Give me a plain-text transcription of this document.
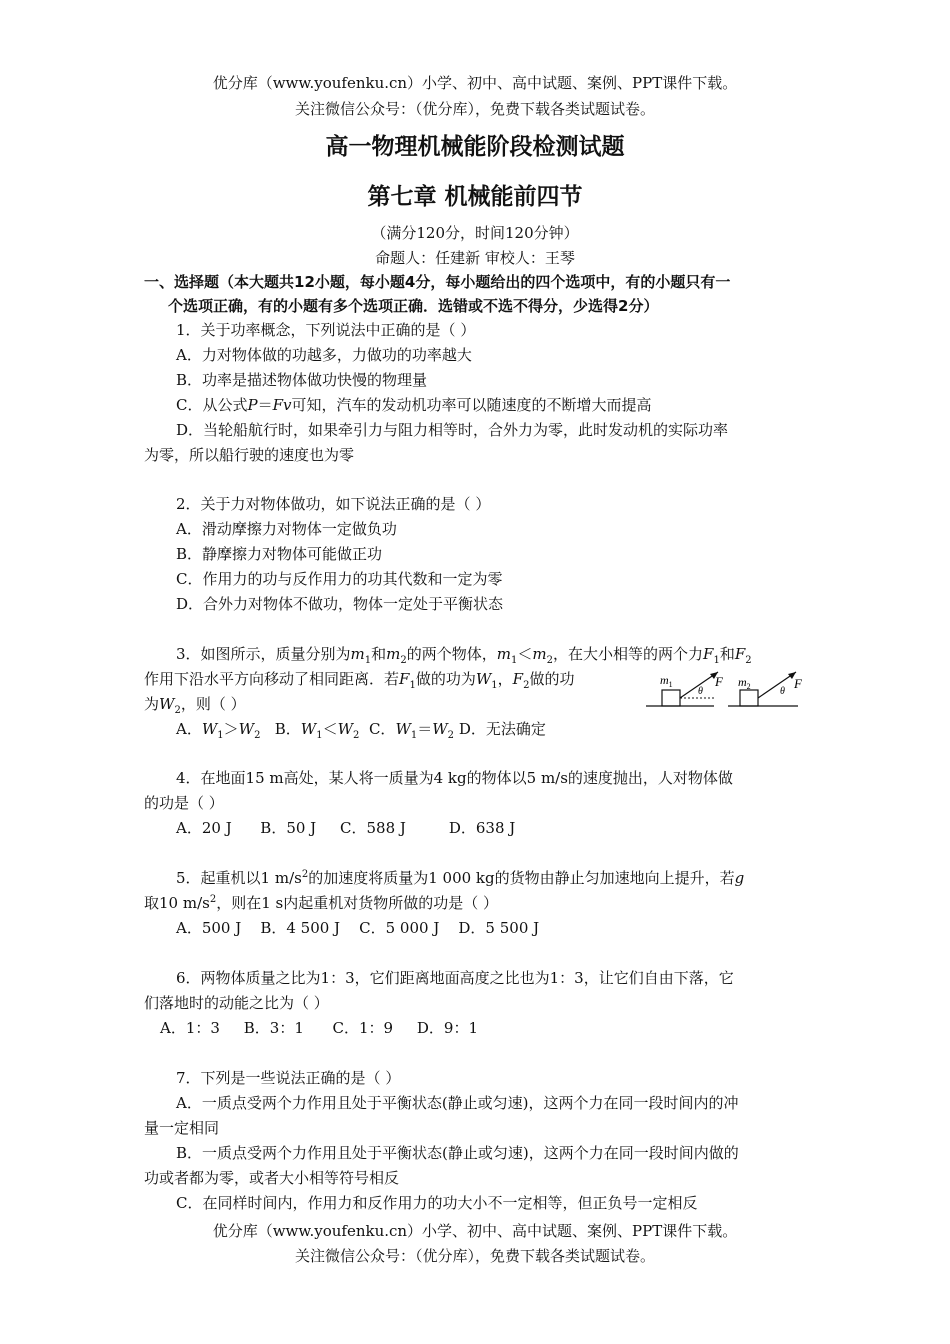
优分库（www.youfenku.cn）小学、初中、高中试题、案例、PPT课件下载。
关注微信公众号：（优分库），免费下载各类试题试卷。
高一物理机械能阶段检测试题
第七章 机械能前四节
（满分120分，时间120分钟）
命题人：任建新 审校人：王琴
一、选择题（本大题共12小题，每小题4分，每小题给出的四个选项中，有的小题只有一
个选项正确，有的小题有多个选项正确．选错或不选不得分，少选得2分）
1．关于功率概念，下列说法中正确的是（ ）
A．力对物体做的功越多，力做功的功率越大
B．功率是描述物体做功快慢的物理量
C．从公式P＝Fv可知，汽车的发动机功率可以随速度的不断增大而提高
D．当轮船航行时，如果牵引力与阻力相等时，合外力为零，此时发动机的实际功率
为零，所以船行驶的速度也为零
2．关于力对物体做功，如下说法正确的是（ ）
A．滑动摩擦力对物体一定做负功
B．静摩擦力对物体可能做正功
C．作用力的功与反作用力的功其代数和一定为零
D．合外力对物体不做功，物体一定处于平衡状态
3．如图所示，质量分别为$m_1$和$m_2$的两个物体，$m_1<m_2$，在大小相等的两个力$F_1$和$F_2$
作用下沿水平方向移动了相同距离．若$F_1$做的功为$W_1$，$F_2$做的功
为$W_2$，则（ ）
A．$W_1>W_2$ B．$W_1<W_2$ C．$W_1=W_2$ D．无法确定
$m_1$
θ
F $m_2$	θ
F
4．在地面15 m高处，某人将一质量为4 kg的物体以5 m/s的速度抛出，人对物体做
的功是（ ）
A．20 J      B．50 J     C．588 J         D．638 J
5．起重机以1 $m/s^2$的加速度将质量为1 000 kg的货物由静止匀加速地向上提升，若g
取10 $m/s^2$，则在1 s内起重机对货物所做的功是（ ）
A．500 J    B．4 500 J    C．5 000 J    D．5 500 J
6．两物体质量之比为1：3，它们距离地面高度之比也为1：3，让它们自由下落，它
们落地时的动能之比为（ ）
A．1：3     B．3：1      C．1：9     D．9：1
7．下列是一些说法正确的是（ ）
A．一质点受两个力作用且处于平衡状态(静止或匀速)，这两个力在同一段时间内的冲
量一定相同
B．一质点受两个力作用且处于平衡状态(静止或匀速)，这两个力在同一段时间内做的
功或者都为零，或者大小相等符号相反
C．在同样时间内，作用力和反作用力的功大小不一定相等，但正负号一定相反
优分库（www.youfenku.cn）小学、初中、高中试题、案例、PPT课件下载。
关注微信公众号：（优分库），免费下载各类试题试卷。
